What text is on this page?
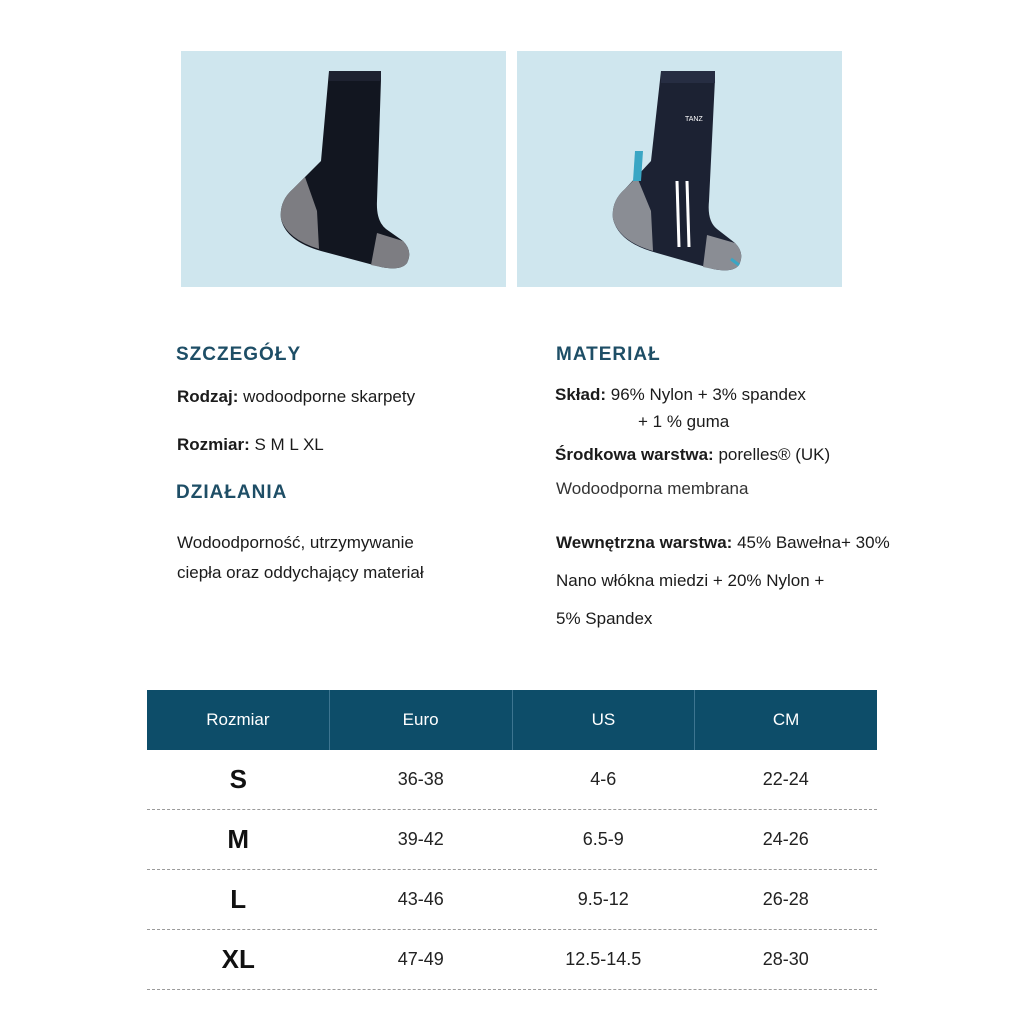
TANZ
SZCZEGÓŁY
Rodzaj: wodoodporne skarpety
Rozmiar: S M L XL
DZIAŁANIA
Wodoodporność, utrzymywanie
ciepła oraz oddychający materiał
MATERIAŁ
Skład: 96% Nylon + 3% spandex
+ 1 % guma
Środkowa warstwa: porelles® (UK)
Wodoodporna membrana
Wewnętrzna warstwa: 45% Bawełna+ 30%
Nano włókna miedzi + 20% Nylon +
5% Spandex
Rozmiar	Euro	US	CM
S	36-38	4-6	22-24
M	39-42	6.5-9	24-26
L	43-46	9.5-12	26-28
XL	47-49	12.5-14.5	28-30
